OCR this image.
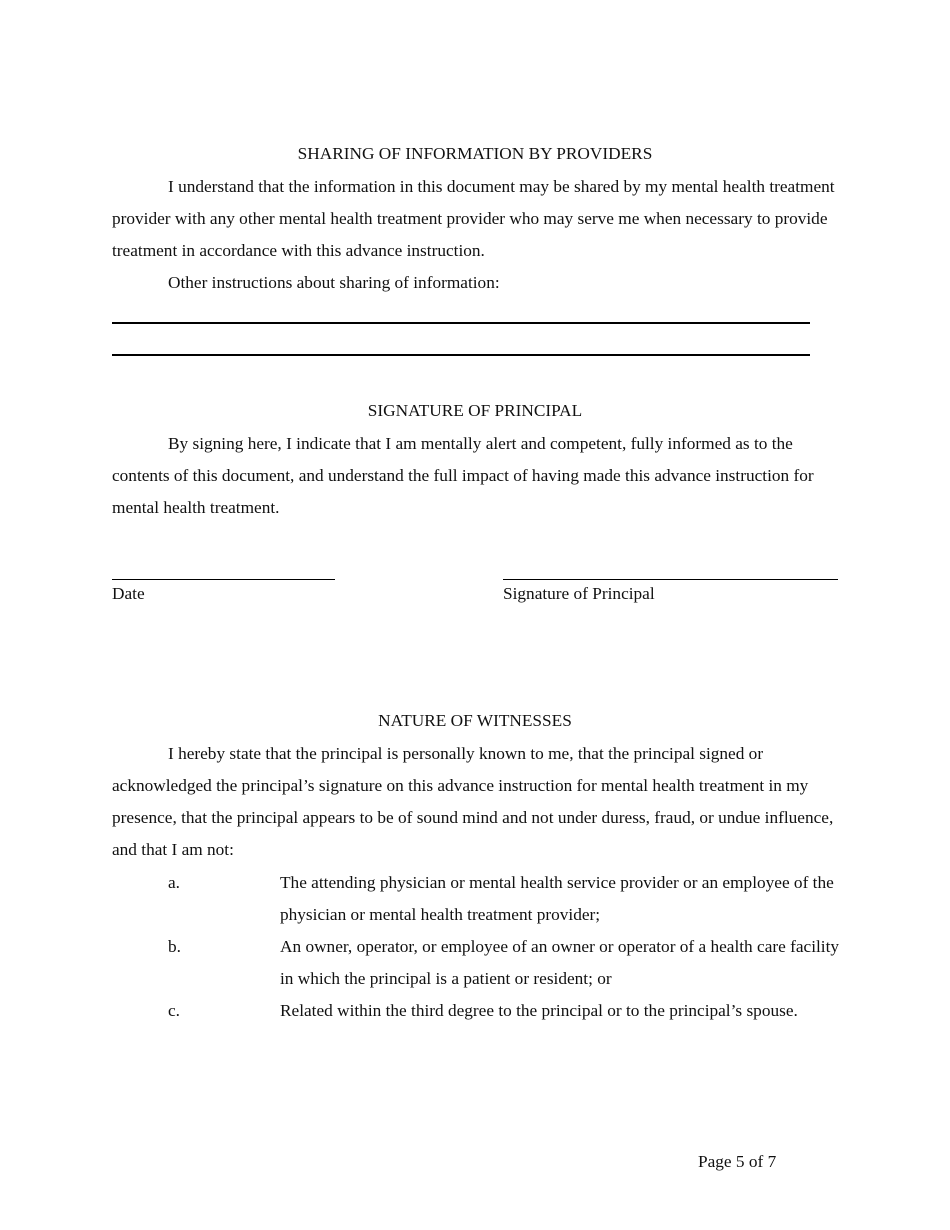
SHARING OF INFORMATION BY PROVIDERS

I understand that the information in this document may be shared by my mental health treatment provider with any other mental health treatment provider who may serve me when necessary to provide treatment in accordance with this advance instruction.

Other instructions about sharing of information:
SIGNATURE OF PRINCIPAL

By signing here, I indicate that I am mentally alert and competent, fully informed as to the contents of this document, and understand the full impact of having made this advance instruction for mental health treatment.

Date	Signature of Principal
NATURE OF WITNESSES

I hereby state that the principal is personally known to me, that the principal signed or acknowledged the principal’s signature on this advance instruction for mental health treatment in my presence, that the principal appears to be of sound mind and not under duress, fraud, or undue influence, and that I am not:

a.	The attending physician or mental health service provider or an employee of the physician or mental health treatment provider;

b.	An owner, operator, or employee of an owner or operator of a health care facility in which the principal is a patient or resident; or

c.	Related within the third degree to the principal or to the principal’s spouse.

Page 5 of 7
